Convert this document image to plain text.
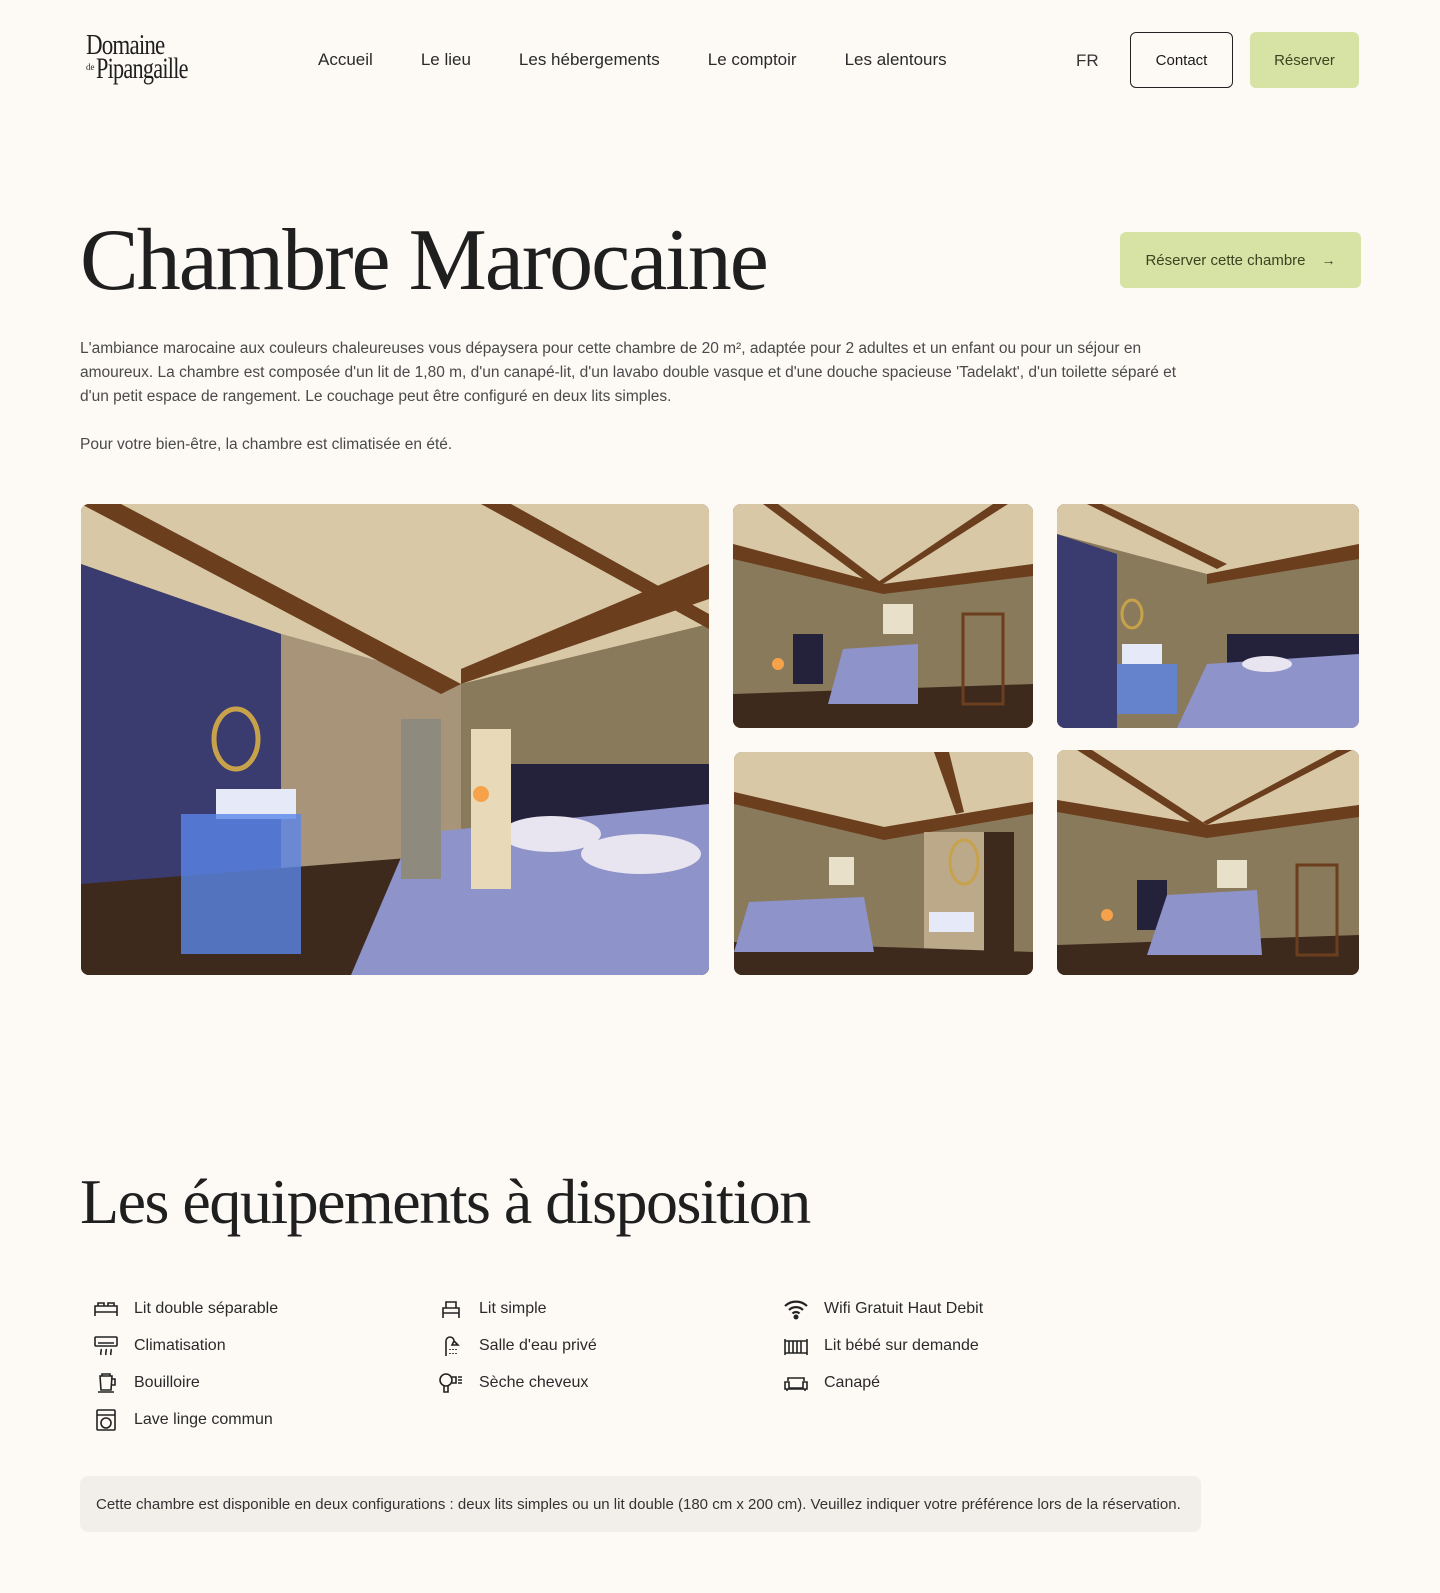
Domaine
de Pipangaille	Accueil	Le lieu	Les hébergements	Le comptoir	Les alentours	FR	Contact	Réserver
Chambre Marocaine	Réserver cette chambre →

L'ambiance marocaine aux couleurs chaleureuses vous dépaysera pour cette chambre de 20 m², adaptée pour 2 adultes et un enfant ou pour un séjour en amoureux. La chambre est composée d'un lit de 1,80 m, d'un canapé-lit, d'un lavabo double vasque et d'une douche spacieuse 'Tadelakt', d'un toilette séparé et d'un petit espace de rangement. Le couchage peut être configuré en deux lits simples.

Pour votre bien-être, la chambre est climatisée en été.

Les équipements à disposition
Lit double séparable
Climatisation
Bouilloire
Lave linge commun
Lit simple
Salle d'eau privé
Sèche cheveux
Wifi Gratuit Haut Debit
Lit bébé sur demande
Canapé
Cette chambre est disponible en deux configurations : deux lits simples ou un lit double (180 cm x 200 cm). Veuillez indiquer votre préférence lors de la réservation.
